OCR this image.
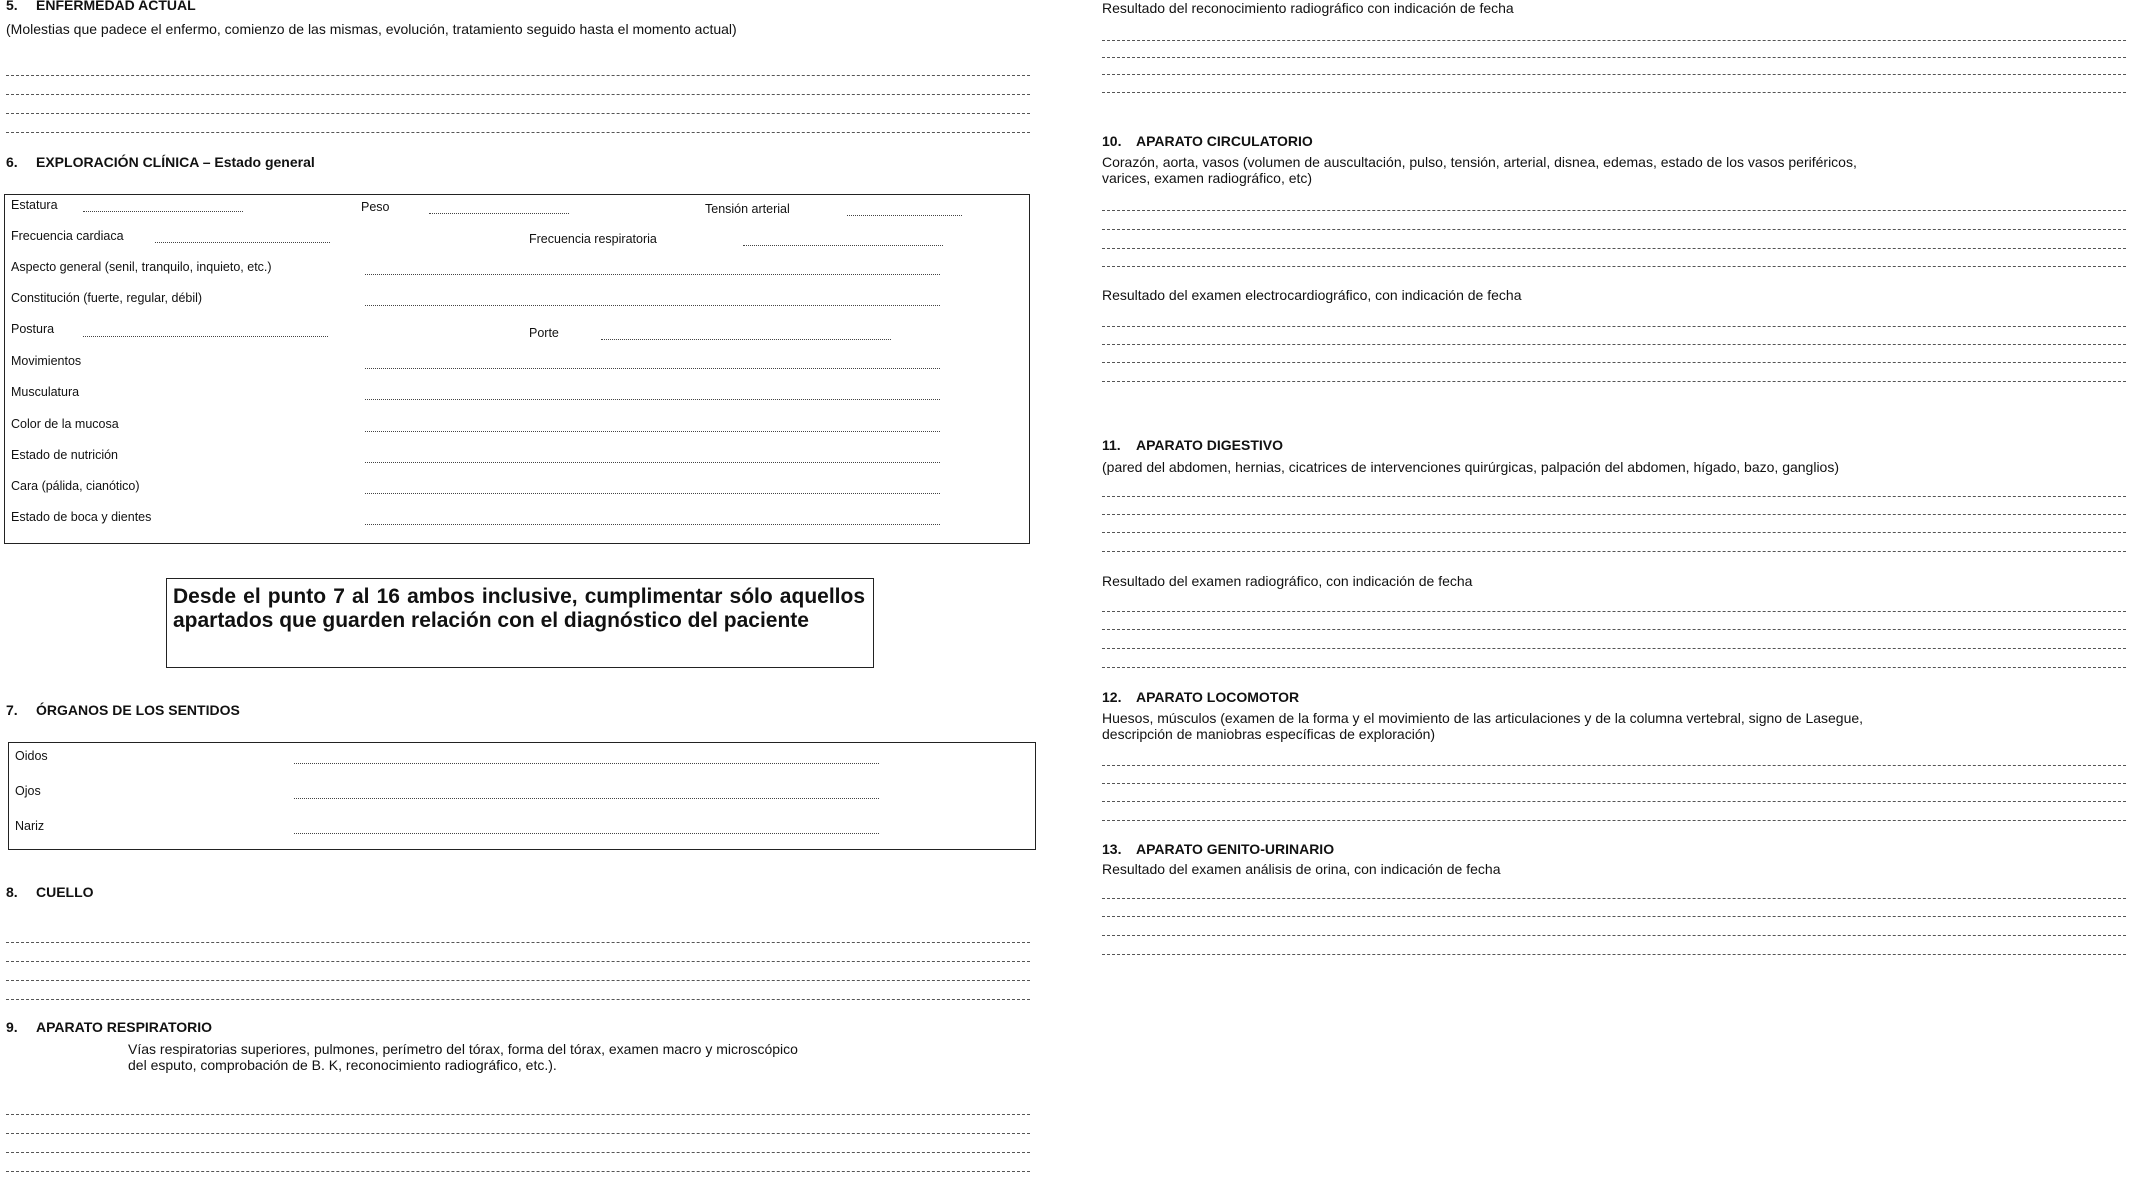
5. ENFERMEDAD ACTUAL
(Molestias que padece el enfermo, comienzo de las mismas, evolución, tratamiento seguido hasta el momento actual)
6. EXPLORACIÓN CLÍNICA – Estado general
Estatura	Peso	Tensión arterial
Frecuencia cardiaca	Frecuencia respiratoria
Aspecto general (senil, tranquilo, inquieto, etc.)
Constitución (fuerte, regular, débil)
Postura	Porte
Movimientos
Musculatura
Color de la mucosa
Estado de nutrición
Cara (pálida, cianótico)
Estado de boca y dientes
Desde el punto 7 al 16 ambos inclusive, cumplimentar sólo aquellos apartados que guarden relación con el diagnóstico del paciente
7. ÓRGANOS DE LOS SENTIDOS
Oidos
Ojos
Nariz
8. CUELLO
9. APARATO RESPIRATORIO
Vías respiratorias superiores, pulmones, perímetro del tórax, forma del tórax, examen macro y microscópico
del esputo, comprobación de B. K, reconocimiento radiográfico, etc.).
Resultado del reconocimiento radiográfico con indicación de fecha
10. APARATO CIRCULATORIO
Corazón, aorta, vasos (volumen de auscultación, pulso, tensión, arterial, disnea, edemas, estado de los vasos periféricos,
varices, examen radiográfico, etc)
Resultado del examen electrocardiográfico, con indicación de fecha
11. APARATO DIGESTIVO
(pared del abdomen, hernias, cicatrices de intervenciones quirúrgicas, palpación del abdomen, hígado, bazo, ganglios)
Resultado del examen radiográfico, con indicación de fecha
12. APARATO LOCOMOTOR
Huesos, músculos (examen de la forma y el movimiento de las articulaciones y de la columna vertebral, signo de Lasegue,
descripción de maniobras específicas de exploración)
13. APARATO GENITO-URINARIO
Resultado del examen análisis de orina, con indicación de fecha
